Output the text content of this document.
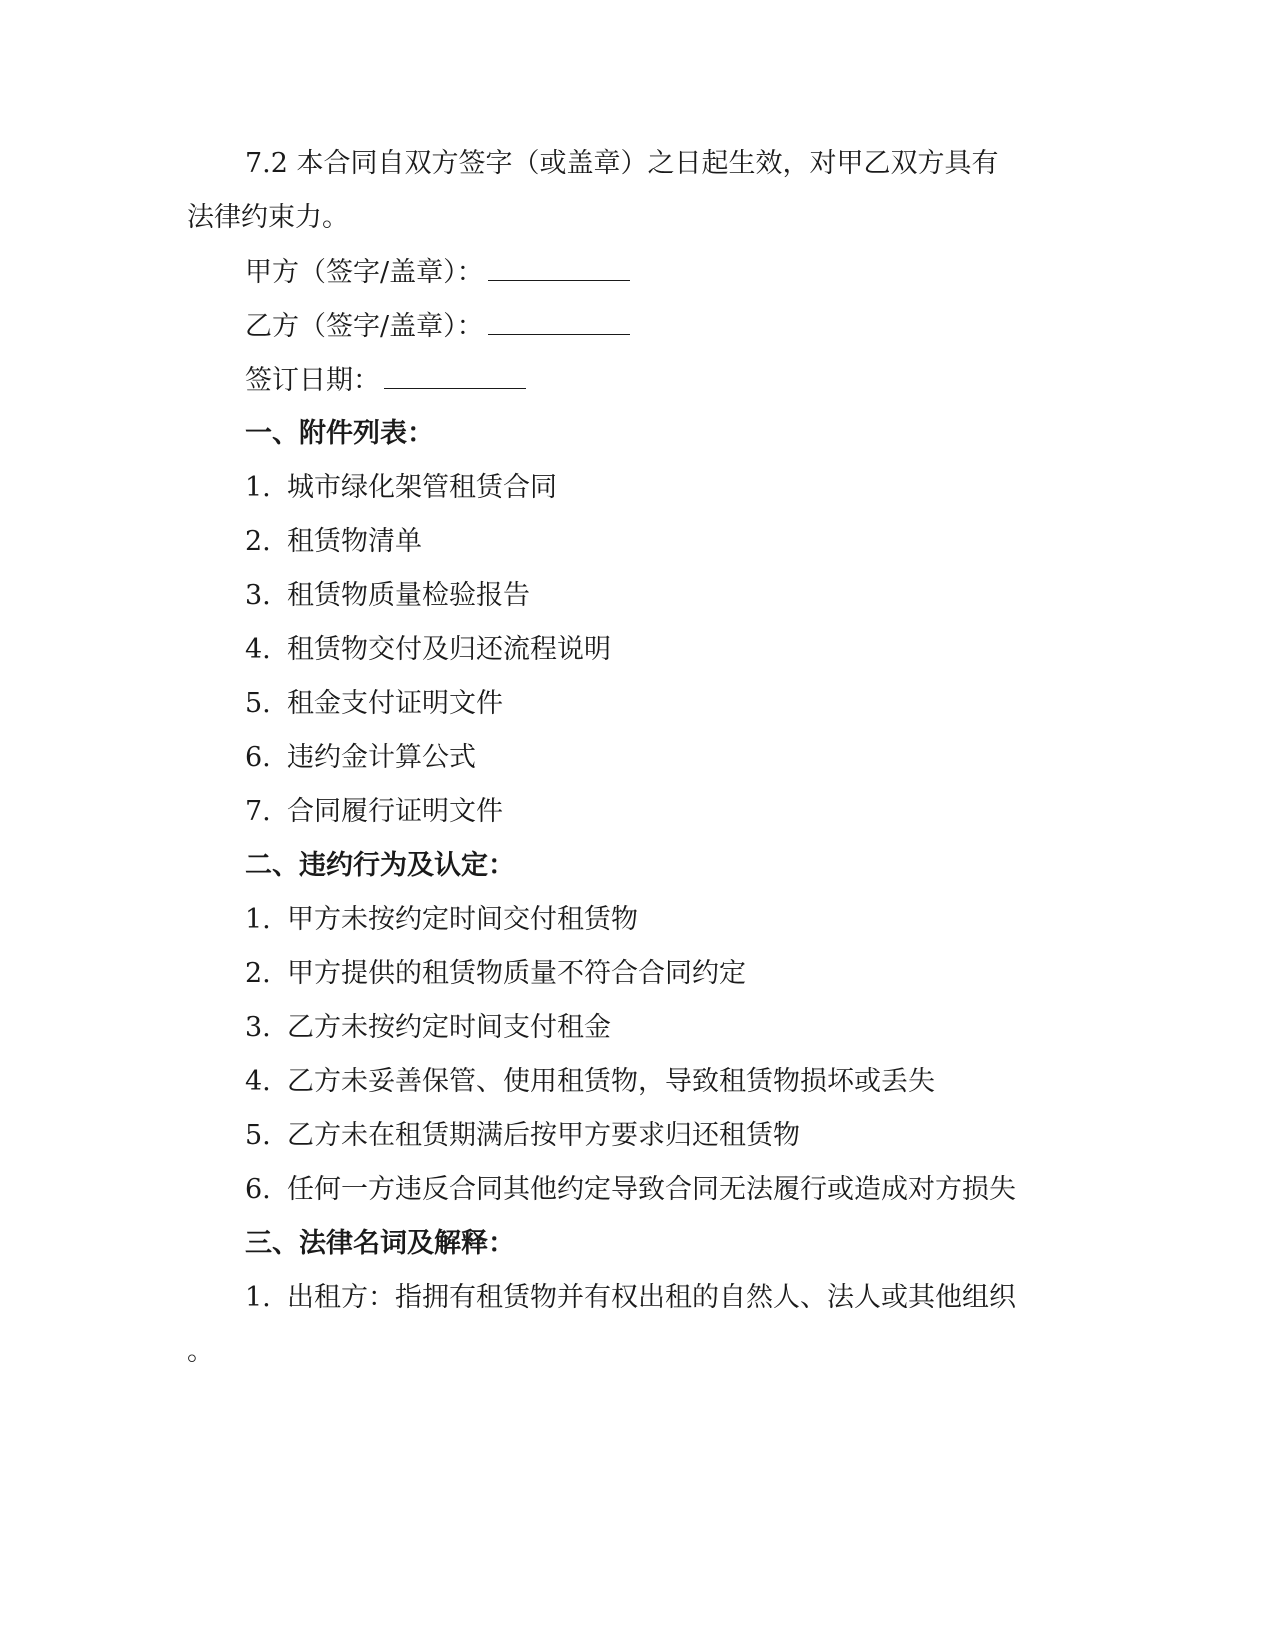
7.2 本合同自双方签字（或盖章）之日起生效，对甲乙双方具有
法律约束力。
甲方（签字/盖章）：
乙方（签字/盖章）：
签订日期：
一、附件列表：
1. 城市绿化架管租赁合同
2. 租赁物清单
3. 租赁物质量检验报告
4. 租赁物交付及归还流程说明
5. 租金支付证明文件
6. 违约金计算公式
7. 合同履行证明文件
二、违约行为及认定：
1. 甲方未按约定时间交付租赁物
2. 甲方提供的租赁物质量不符合合同约定
3. 乙方未按约定时间支付租金
4. 乙方未妥善保管、使用租赁物，导致租赁物损坏或丢失
5. 乙方未在租赁期满后按甲方要求归还租赁物
6. 任何一方违反合同其他约定导致合同无法履行或造成对方损失
三、法律名词及解释：
1. 出租方：指拥有租赁物并有权出租的自然人、法人或其他组织
。
